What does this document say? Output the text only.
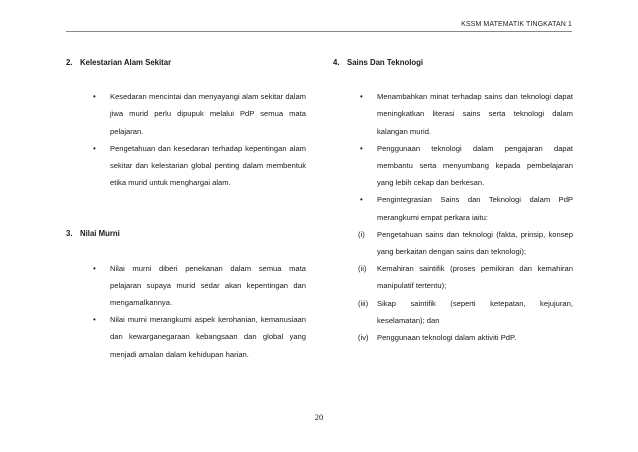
KSSM MATEMATIK TINGKATAN 1

2. Kelestarian Alam Sekitar

• Kesedaran mencintai dan menyayangi alam sekitar dalam jiwa murid perlu dipupuk melalui PdP semua mata pelajaran.
• Pengetahuan dan kesedaran terhadap kepentingan alam sekitar dan kelestarian global penting dalam membentuk etika murid untuk menghargai alam.

3. Nilai Murni

• Nilai murni diberi penekanan dalam semua mata pelajaran supaya murid sedar akan kepentingan dan mengamalkannya.
• Nilai murni merangkumi aspek kerohanian, kemanusiaan dan kewarganegaraan kebangsaan dan global yang menjadi amalan dalam kehidupan harian.

4. Sains Dan Teknologi

• Menambahkan minat terhadap sains dan teknologi dapat meningkatkan literasi sains serta teknologi dalam kalangan murid.
• Penggunaan teknologi dalam pengajaran dapat membantu serta menyumbang kepada pembelajaran yang lebih cekap dan berkesan.
• Pengintegrasian Sains dan Teknologi dalam PdP merangkumi empat perkara iaitu:
(i) Pengetahuan sains dan teknologi (fakta, prinsip, konsep yang berkaitan dengan sains dan teknologi);
(ii) Kemahiran saintifik (proses pemikiran dan kemahiran manipulatif tertentu);
(iii) Sikap saintifik (seperti ketepatan, kejujuran, keselamatan); dan
(iv) Penggunaan teknologi dalam aktiviti PdP.
20
